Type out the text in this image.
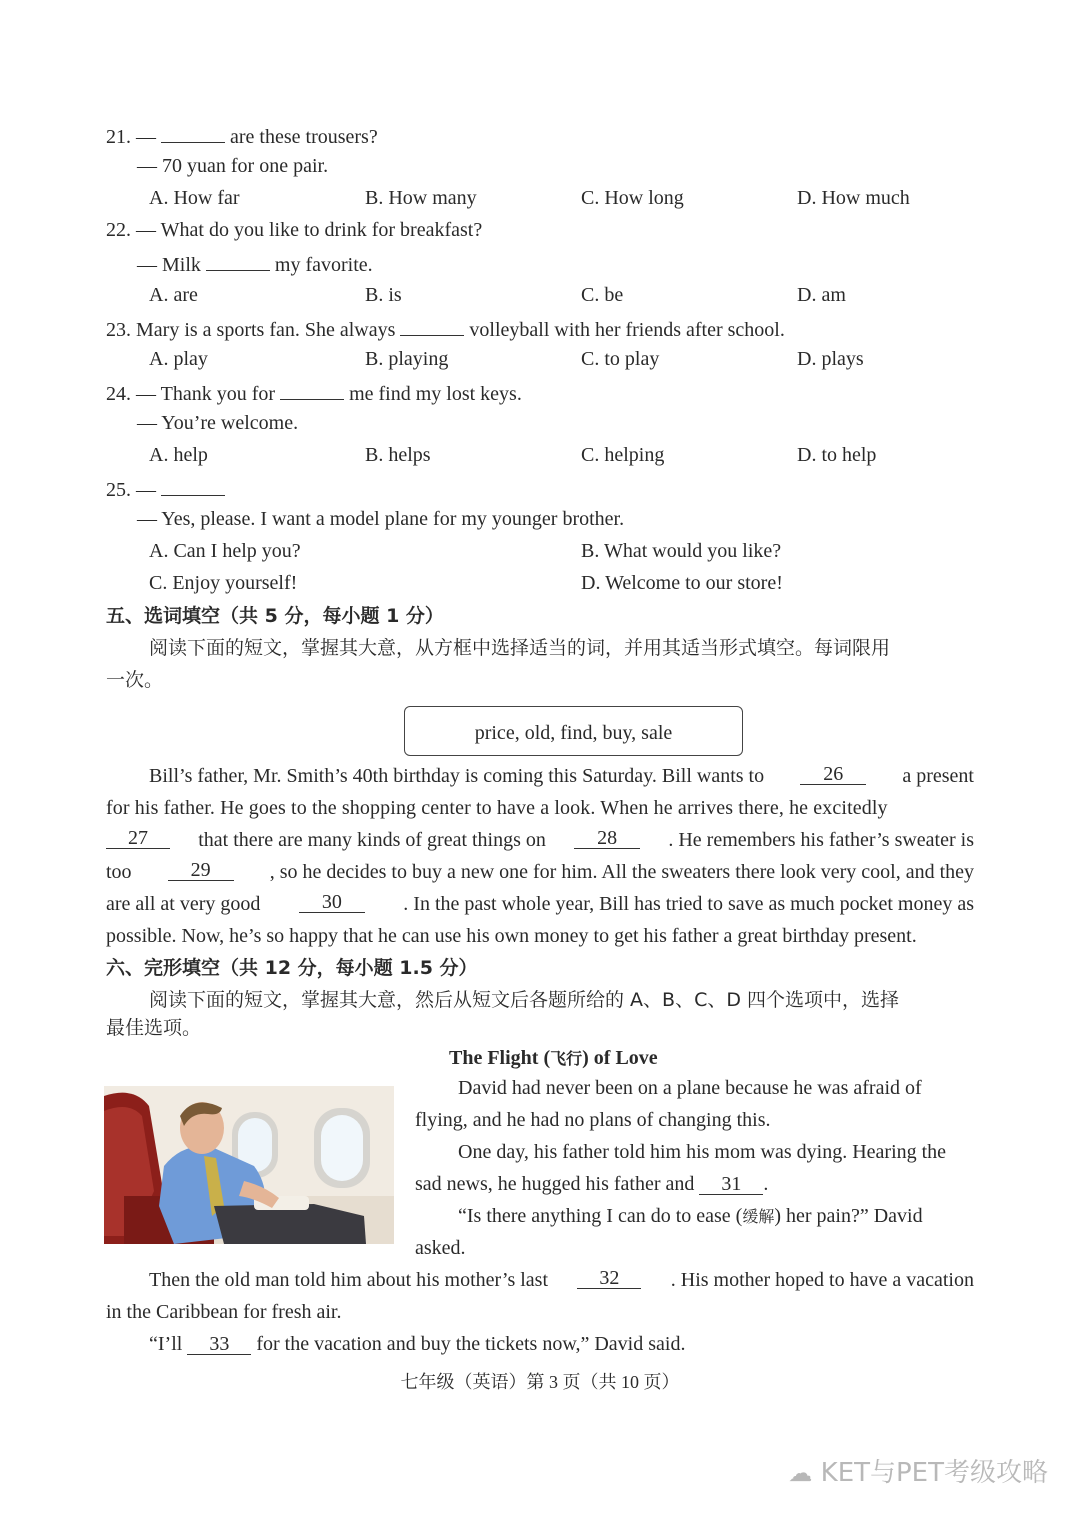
21. —	are these trousers?
— 70 yuan for one pair.
A. How far	B. How many	C. How long	D. How much
22. — What do you like to drink for breakfast?
— Milk	my favorite.
A. are	B. is	C. be	D. am
23. Mary is a sports fan. She always	volleyball with her friends after school.
A. play	B. playing	C. to play	D. plays
24. — Thank you for	me find my lost keys.
— You’re welcome.
A. help	B. helps	C. helping	D. to help
25. —
— Yes, please. I want a model plane for my younger brother.
A. Can I help you?	B. What would you like?
C. Enjoy yourself!	D. Welcome to our store!
五、选词填空（共 5 分，每小题 1 分）
阅读下面的短文，掌握其大意，从方框中选择适当的词，并用其适当形式填空。每词限用
一次。
price, old, find, buy, sale
Bill’s father, Mr. Smith’s 40th birthday is coming this Saturday. Bill wants to	26	a present
for his father. He goes to the shopping center to have a look. When he arrives there, he excitedly
27	that there are many kinds of great things on	28	. He remembers his father’s sweater is
too	29	, so he decides to buy a new one for him. All the sweaters there look very cool, and they
are all at very good	30	. In the past whole year, Bill has tried to save as much pocket money as
possible. Now, he’s so happy that he can use his own money to get his father a great birthday present.
六、完形填空（共 12 分，每小题 1.5 分）
阅读下面的短文，掌握其大意，然后从短文后各题所给的 A、B、C、D 四个选项中，选择
最佳选项。
The Flight (飞行) of Love
David had never been on a plane because he was afraid of
flying, and he had no plans of changing this.
One day, his father told him his mom was dying. Hearing the
sad news, he hugged his father and 31 .
“Is there anything I can do to ease (缓解) her pain?” David
asked.
Then the old man told him about his mother’s last	32	. His mother hoped to have a vacation
in the Caribbean for fresh air.
“I’ll 33 for the vacation and buy the tickets now,” David said.
七年级（英语）第 3 页（共 10 页）
☁ KET与PET考级攻略
